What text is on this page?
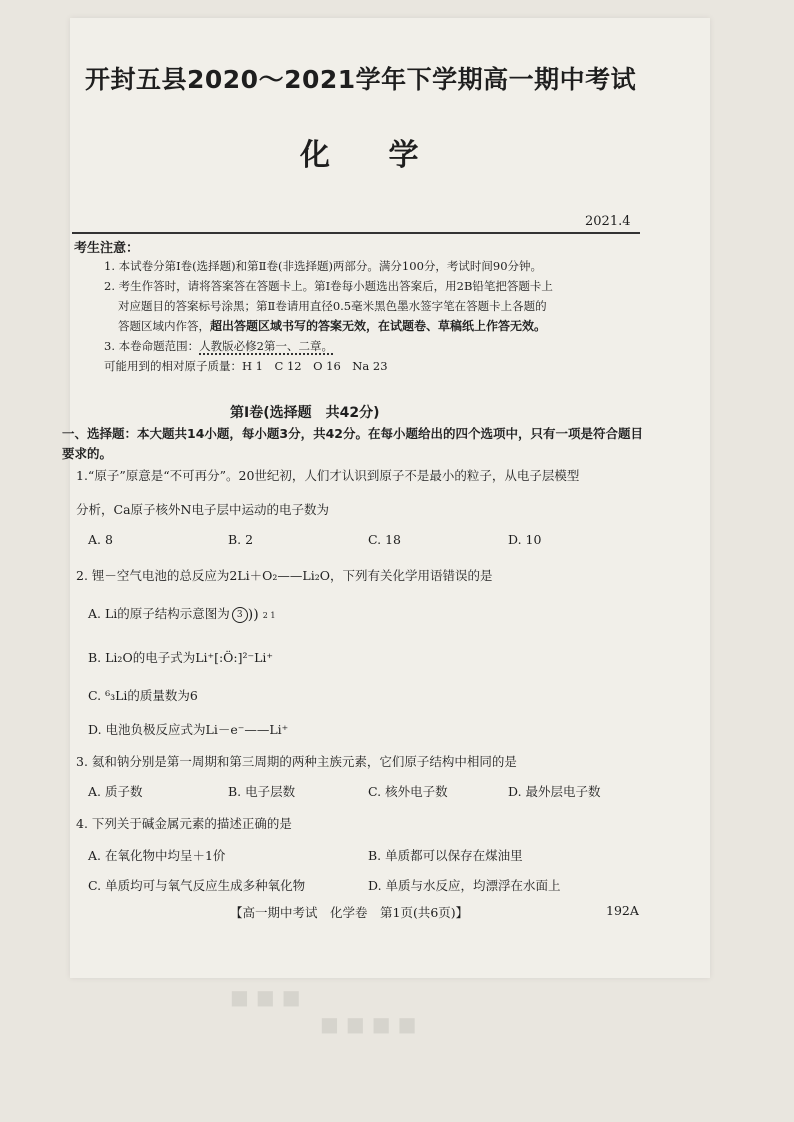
■ ■ ■
■ ■ ■ ■
开封五县2020～2021学年下学期高一期中考试
化 学
2021.4
考生注意：
1. 本试卷分第Ⅰ卷(选择题)和第Ⅱ卷(非选择题)两部分。满分100分，考试时间90分钟。
2. 考生作答时，请将答案答在答题卡上。第Ⅰ卷每小题选出答案后，用2B铅笔把答题卡上
对应题目的答案标号涂黑；第Ⅱ卷请用直径0.5毫米黑色墨水签字笔在答题卡上各题的
答题区域内作答，超出答题区域书写的答案无效，在试题卷、草稿纸上作答无效。
3. 本卷命题范围：人教版必修2第一、二章。
可能用到的相对原子质量：H 1　C 12　O 16　Na 23
第Ⅰ卷(选择题　共42分)
一、选择题：本大题共14小题，每小题3分，共42分。在每小题给出的四个选项中，只有一项是符合题目要求的。
1.“原子”原意是“不可再分”。20世纪初，人们才认识到原子不是最小的粒子，从电子层模型
分析，Ca原子核外N电子层中运动的电子数为
A. 8	B. 2	C. 18	D. 10
2. 锂－空气电池的总反应为2Li＋O₂——Li₂O，下列有关化学用语错误的是
A. Li的原子结构示意图为 3 )) 2 1
B. Li₂O的电子式为Li⁺[:Ö:]²⁻Li⁺
C. ⁶₃Li的质量数为6
D. 电池负极反应式为Li－e⁻——Li⁺
3. 氦和钠分别是第一周期和第三周期的两种主族元素，它们原子结构中相同的是
A. 质子数	B. 电子层数	C. 核外电子数	D. 最外层电子数
4. 下列关于碱金属元素的描述正确的是
A. 在氧化物中均呈＋1价	B. 单质都可以保存在煤油里
C. 单质均可与氧气反应生成多种氧化物	D. 单质与水反应，均漂浮在水面上
【高一期中考试　化学卷　第1页(共6页)】	192A
